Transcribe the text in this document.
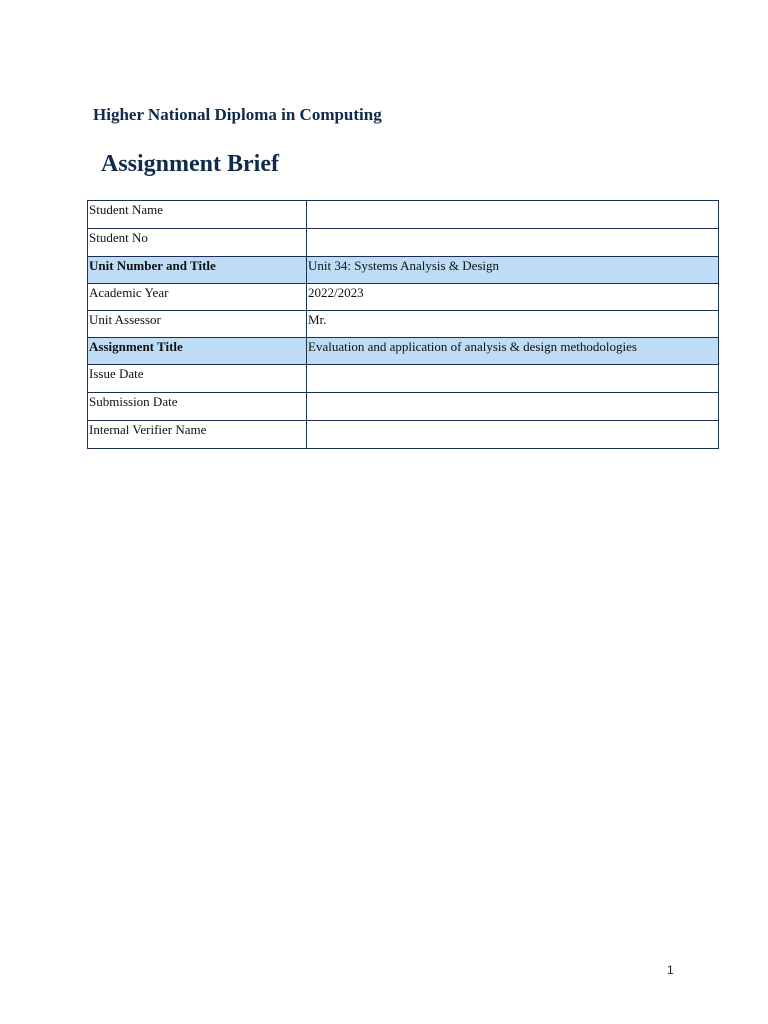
Higher National Diploma in Computing
Assignment Brief
Student Name	
Student No	
Unit Number and Title	Unit 34: Systems Analysis & Design
Academic Year	2022/2023
Unit Assessor	Mr.
Assignment Title	Evaluation and application of analysis & design methodologies
Issue Date	
Submission Date	
Internal Verifier Name	
1
